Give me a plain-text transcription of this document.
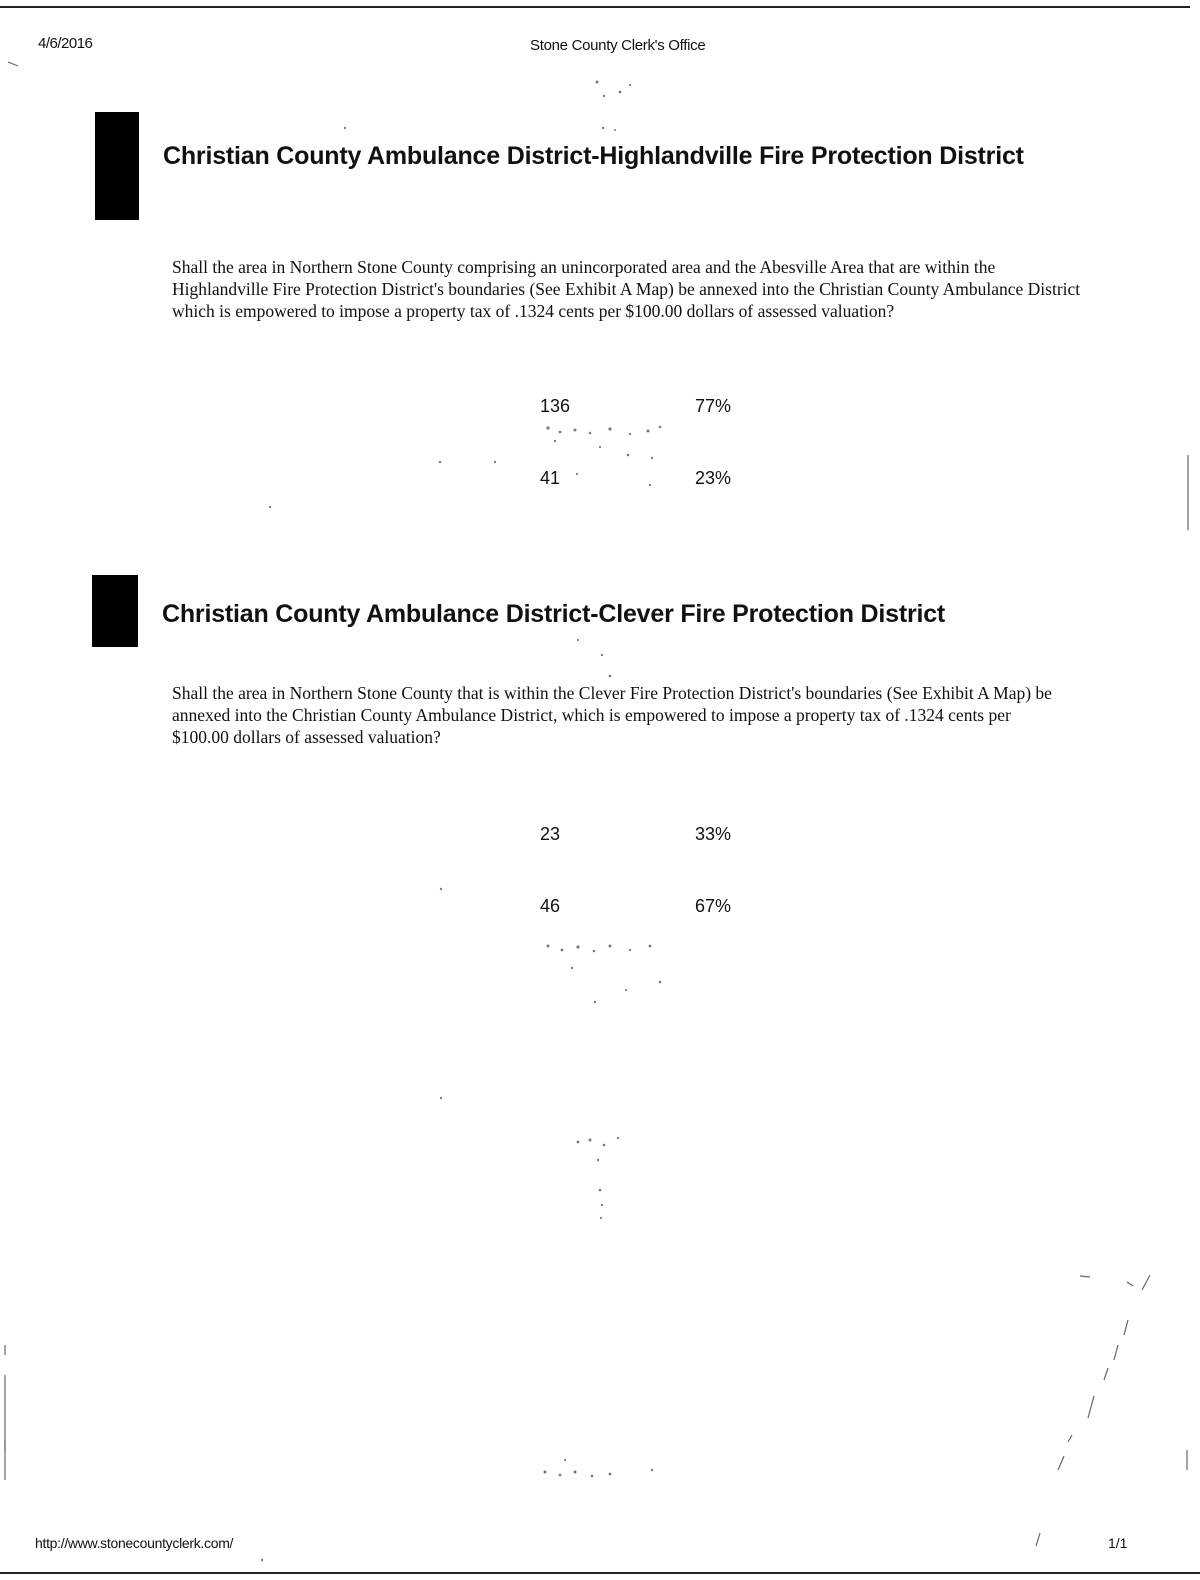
4/6/2016	Stone County Clerk's Office
Christian County Ambulance District-Highlandville Fire Protection District

Shall the area in Northern Stone County comprising an unincorporated area and the Abesville Area that are within the Highlandville Fire Protection District's boundaries (See Exhibit A Map) be annexed into the Christian County Ambulance District which is empowered to impose a property tax of .1324 cents per $100.00 dollars of assessed valuation?

136	77%
41	23%
Christian County Ambulance District-Clever Fire Protection District

Shall the area in Northern Stone County that is within the Clever Fire Protection District's boundaries (See Exhibit A Map) be annexed into the Christian County Ambulance District, which is empowered to impose a property tax of .1324 cents per $100.00 dollars of assessed valuation?

23	33%
46	67%
http://www.stonecountyclerk.com/	1/1
